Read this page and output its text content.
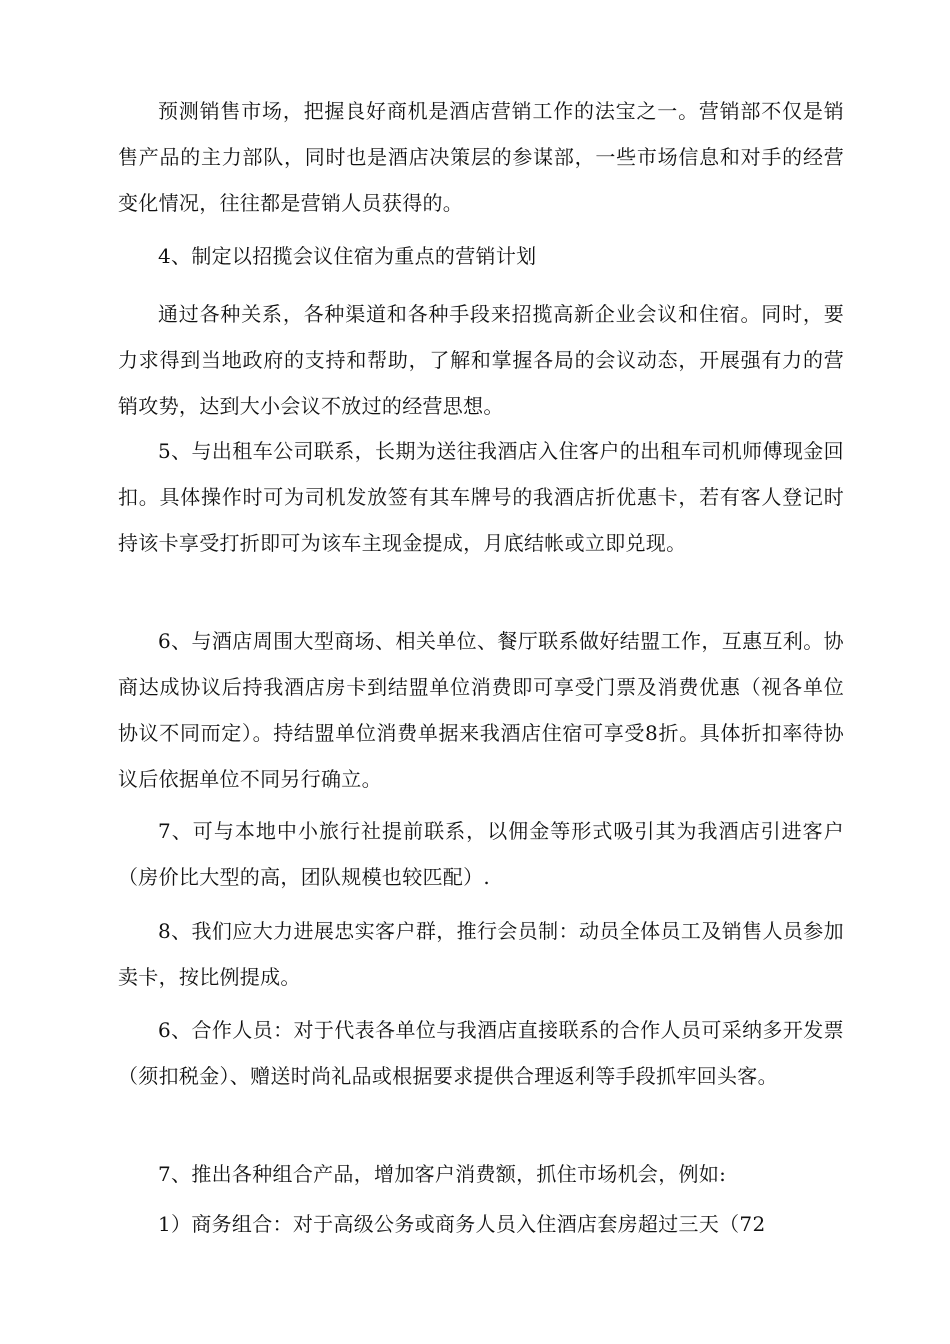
预测销售市场，把握良好商机是酒店营销工作的法宝之一。营销部不仅是销售产品的主力部队，同时也是酒店决策层的参谋部，一些市场信息和对手的经营变化情况，往往都是营销人员获得的。

4、制定以招揽会议住宿为重点的营销计划

通过各种关系，各种渠道和各种手段来招揽高新企业会议和住宿。同时，要力求得到当地政府的支持和帮助，了解和掌握各局的会议动态，开展强有力的营销攻势，达到大小会议不放过的经营思想。

5、与出租车公司联系，长期为送往我酒店入住客户的出租车司机师傅现金回扣。具体操作时可为司机发放签有其车牌号的我酒店折优惠卡，若有客人登记时持该卡享受打折即可为该车主现金提成，月底结帐或立即兑现。

6、与酒店周围大型商场、相关单位、餐厅联系做好结盟工作，互惠互利。协商达成协议后持我酒店房卡到结盟单位消费即可享受门票及消费优惠（视各单位协议不同而定）。持结盟单位消费单据来我酒店住宿可享受8折。具体折扣率待协议后依据单位不同另行确立。

7、可与本地中小旅行社提前联系，以佣金等形式吸引其为我酒店引进客户（房价比大型的高，团队规模也较匹配）.

8、我们应大力进展忠实客户群，推行会员制：动员全体员工及销售人员参加卖卡，按比例提成。

6、合作人员：对于代表各单位与我酒店直接联系的合作人员可采纳多开发票（须扣税金）、赠送时尚礼品或根据要求提供合理返利等手段抓牢回头客。

7、推出各种组合产品，增加客户消费额，抓住市场机会，例如:

1）商务组合：对于高级公务或商务人员入住酒店套房超过三天（72
